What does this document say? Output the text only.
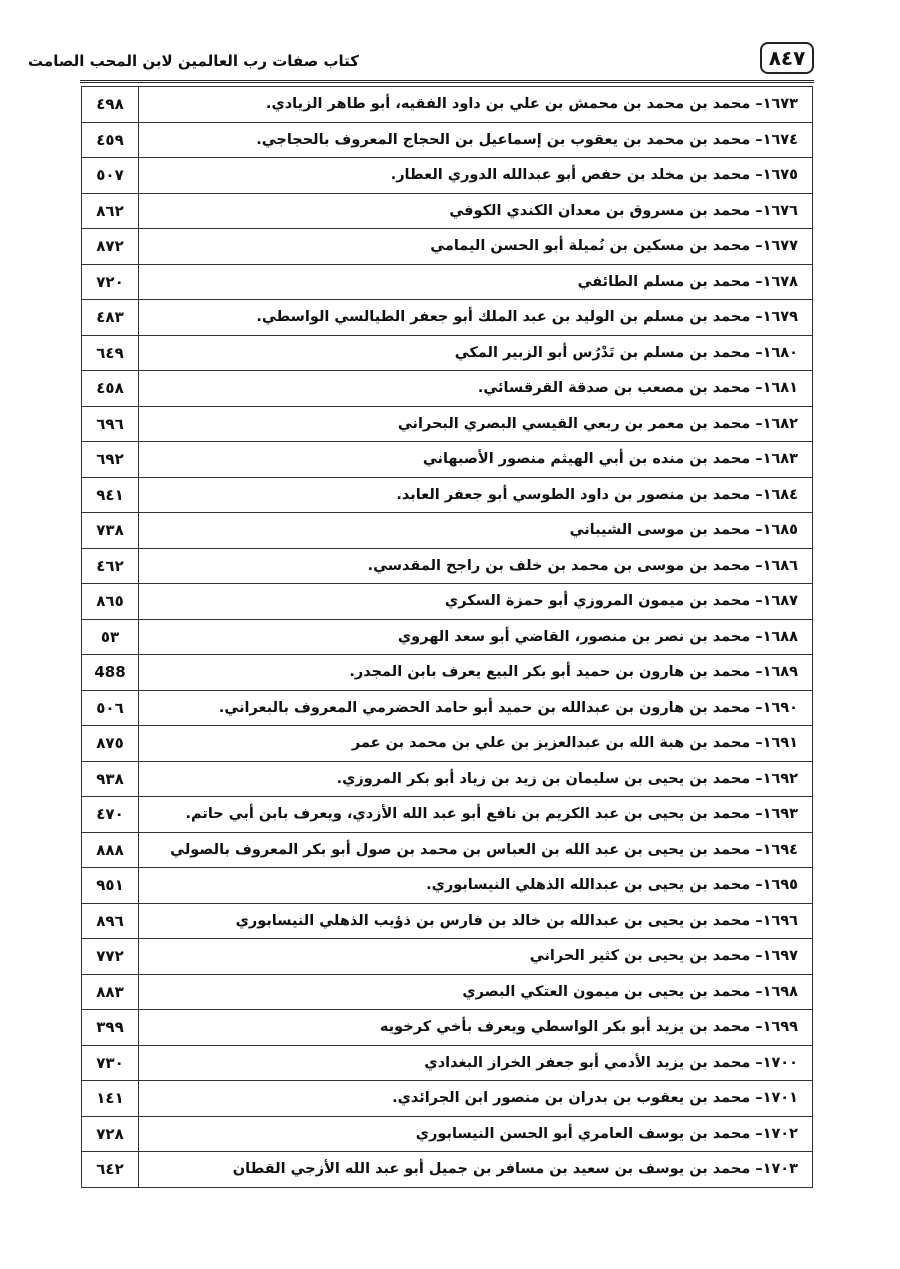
٨٤٧
كتاب صفات رب العالمين لابن المحب الصامت
٤٩٨	١٦٧٣– محمد بن محمد بن محمش بن علي بن داود الفقيه، أبو طاهر الزيادي.
٤٥٩	١٦٧٤– محمد بن محمد بن يعقوب بن إسماعيل بن الحجاج المعروف بالحجاجي.
٥٠٧	١٦٧٥– محمد بن مخلد بن حفص أبو عبدالله الدوري العطار.
٨٦٢	١٦٧٦– محمد بن مسروق بن معدان الكندي الكوفي
٨٧٢	١٦٧٧– محمد بن مسكين بن نُميلة أبو الحسن اليمامي
٧٢٠	١٦٧٨– محمد بن مسلم الطائفي
٤٨٣	١٦٧٩– محمد بن مسلم بن الوليد بن عبد الملك أبو جعفر الطيالسي الواسطي.
٦٤٩	١٦٨٠– محمد بن مسلم بن تَدْرُس أبو الزبير المكي
٤٥٨	١٦٨١– محمد بن مصعب بن صدقة القرقسائي.
٦٩٦	١٦٨٢– محمد بن معمر بن ربعي القيسي البصري البحراني
٦٩٢	١٦٨٣– محمد بن منده بن أبي الهيثم منصور الأصبهاني
٩٤١	١٦٨٤– محمد بن منصور بن داود الطوسي أبو جعفر العابد.
٧٣٨	١٦٨٥– محمد بن موسى الشيباني
٤٦٢	١٦٨٦– محمد بن موسى بن محمد بن خلف بن راجح المقدسي.
٨٦٥	١٦٨٧– محمد بن ميمون المروزي أبو حمزة السكري
٥٣	١٦٨٨– محمد بن نصر بن منصور، القاضي أبو سعد الهروي
488	١٦٨٩– محمد بن هارون بن حميد أبو بكر البيع يعرف بابن المجدر.
٥٠٦	١٦٩٠– محمد بن هارون بن عبدالله بن حميد أبو حامد الحضرمي المعروف بالبعراني.
٨٧٥	١٦٩١– محمد بن هبة الله بن عبدالعزيز بن علي بن محمد بن عمر
٩٣٨	١٦٩٢– محمد بن يحيى بن سليمان بن زيد بن زياد أبو بكر المروزي.
٤٧٠	١٦٩٣– محمد بن يحيى بن عبد الكريم بن نافع أبو عبد الله الأزدي، ويعرف بابن أبي حاتم.
٨٨٨	١٦٩٤– محمد بن يحيى بن عبد الله بن العباس بن محمد بن صول أبو بكر المعروف بالصولي
٩٥١	١٦٩٥– محمد بن يحيى بن عبدالله الذهلي النيسابوري.
٨٩٦	١٦٩٦– محمد بن يحيى بن عبدالله بن خالد بن فارس بن ذؤيب الذهلي النيسابوري
٧٧٢	١٦٩٧– محمد بن يحيى بن كثير الحراني
٨٨٣	١٦٩٨– محمد بن يحيى بن ميمون العتكي البصري
٣٩٩	١٦٩٩– محمد بن يزيد أبو بكر الواسطي ويعرف بأخي كرخويه
٧٣٠	١٧٠٠– محمد بن يزيد الأدمي أبو جعفر الخراز البغدادي
١٤١	١٧٠١– محمد بن يعقوب بن بدران بن منصور ابن الجرائدي.
٧٢٨	١٧٠٢– محمد بن يوسف العامري أبو الحسن النيسابوري
٦٤٢	١٧٠٣– محمد بن يوسف بن سعيد بن مسافر بن جميل أبو عبد الله الأزجي القطان
